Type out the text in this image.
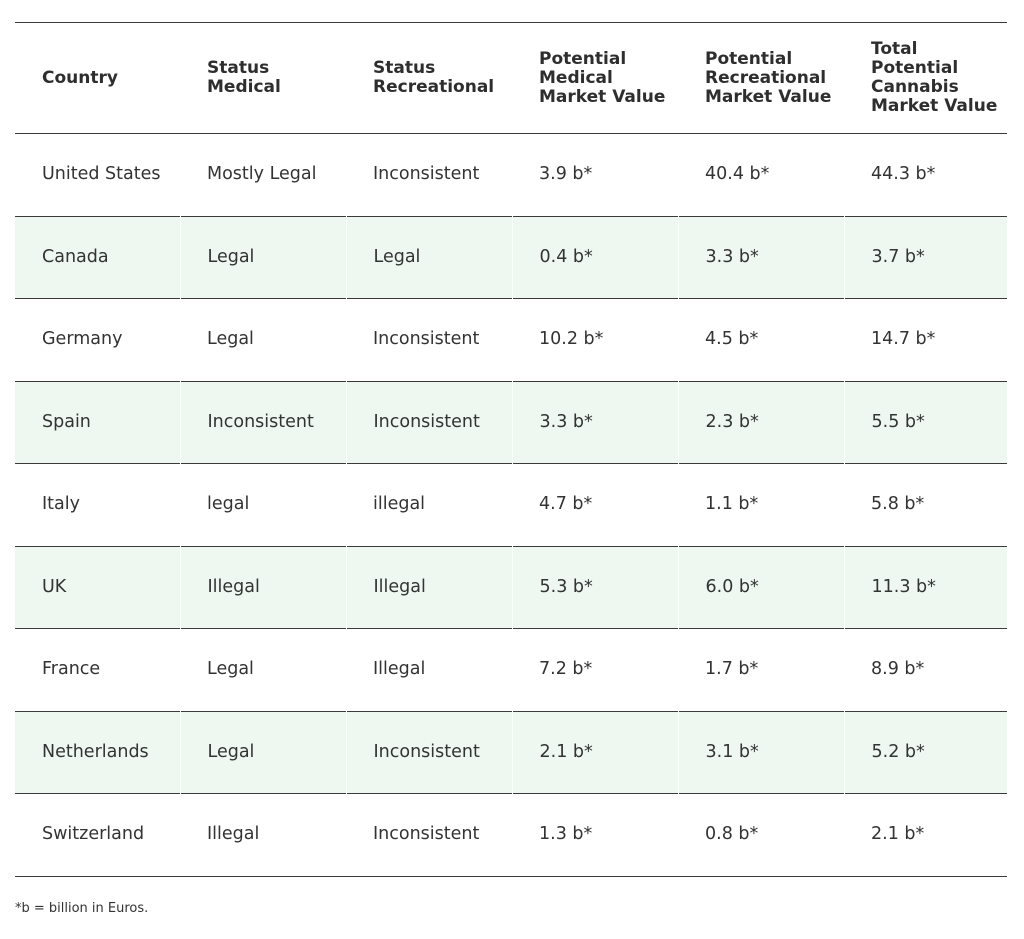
Country	Status Medical	Status Recreational	Potential Medical Market Value	Potential Recreational Market Value	Total Potential Cannabis Market Value
United States	Mostly Legal	Inconsistent	3.9 b*	40.4 b*	44.3 b*
Canada	Legal	Legal	0.4 b*	3.3 b*	3.7 b*
Germany	Legal	Inconsistent	10.2 b*	4.5 b*	14.7 b*
Spain	Inconsistent	Inconsistent	3.3 b*	2.3 b*	5.5 b*
Italy	legal	illegal	4.7 b*	1.1 b*	5.8 b*
UK	Illegal	Illegal	5.3 b*	6.0 b*	11.3 b*
France	Legal	Illegal	7.2 b*	1.7 b*	8.9 b*
Netherlands	Legal	Inconsistent	2.1 b*	3.1 b*	5.2 b*
Switzerland	Illegal	Inconsistent	1.3 b*	0.8 b*	2.1 b*
*b = billion in Euros.
